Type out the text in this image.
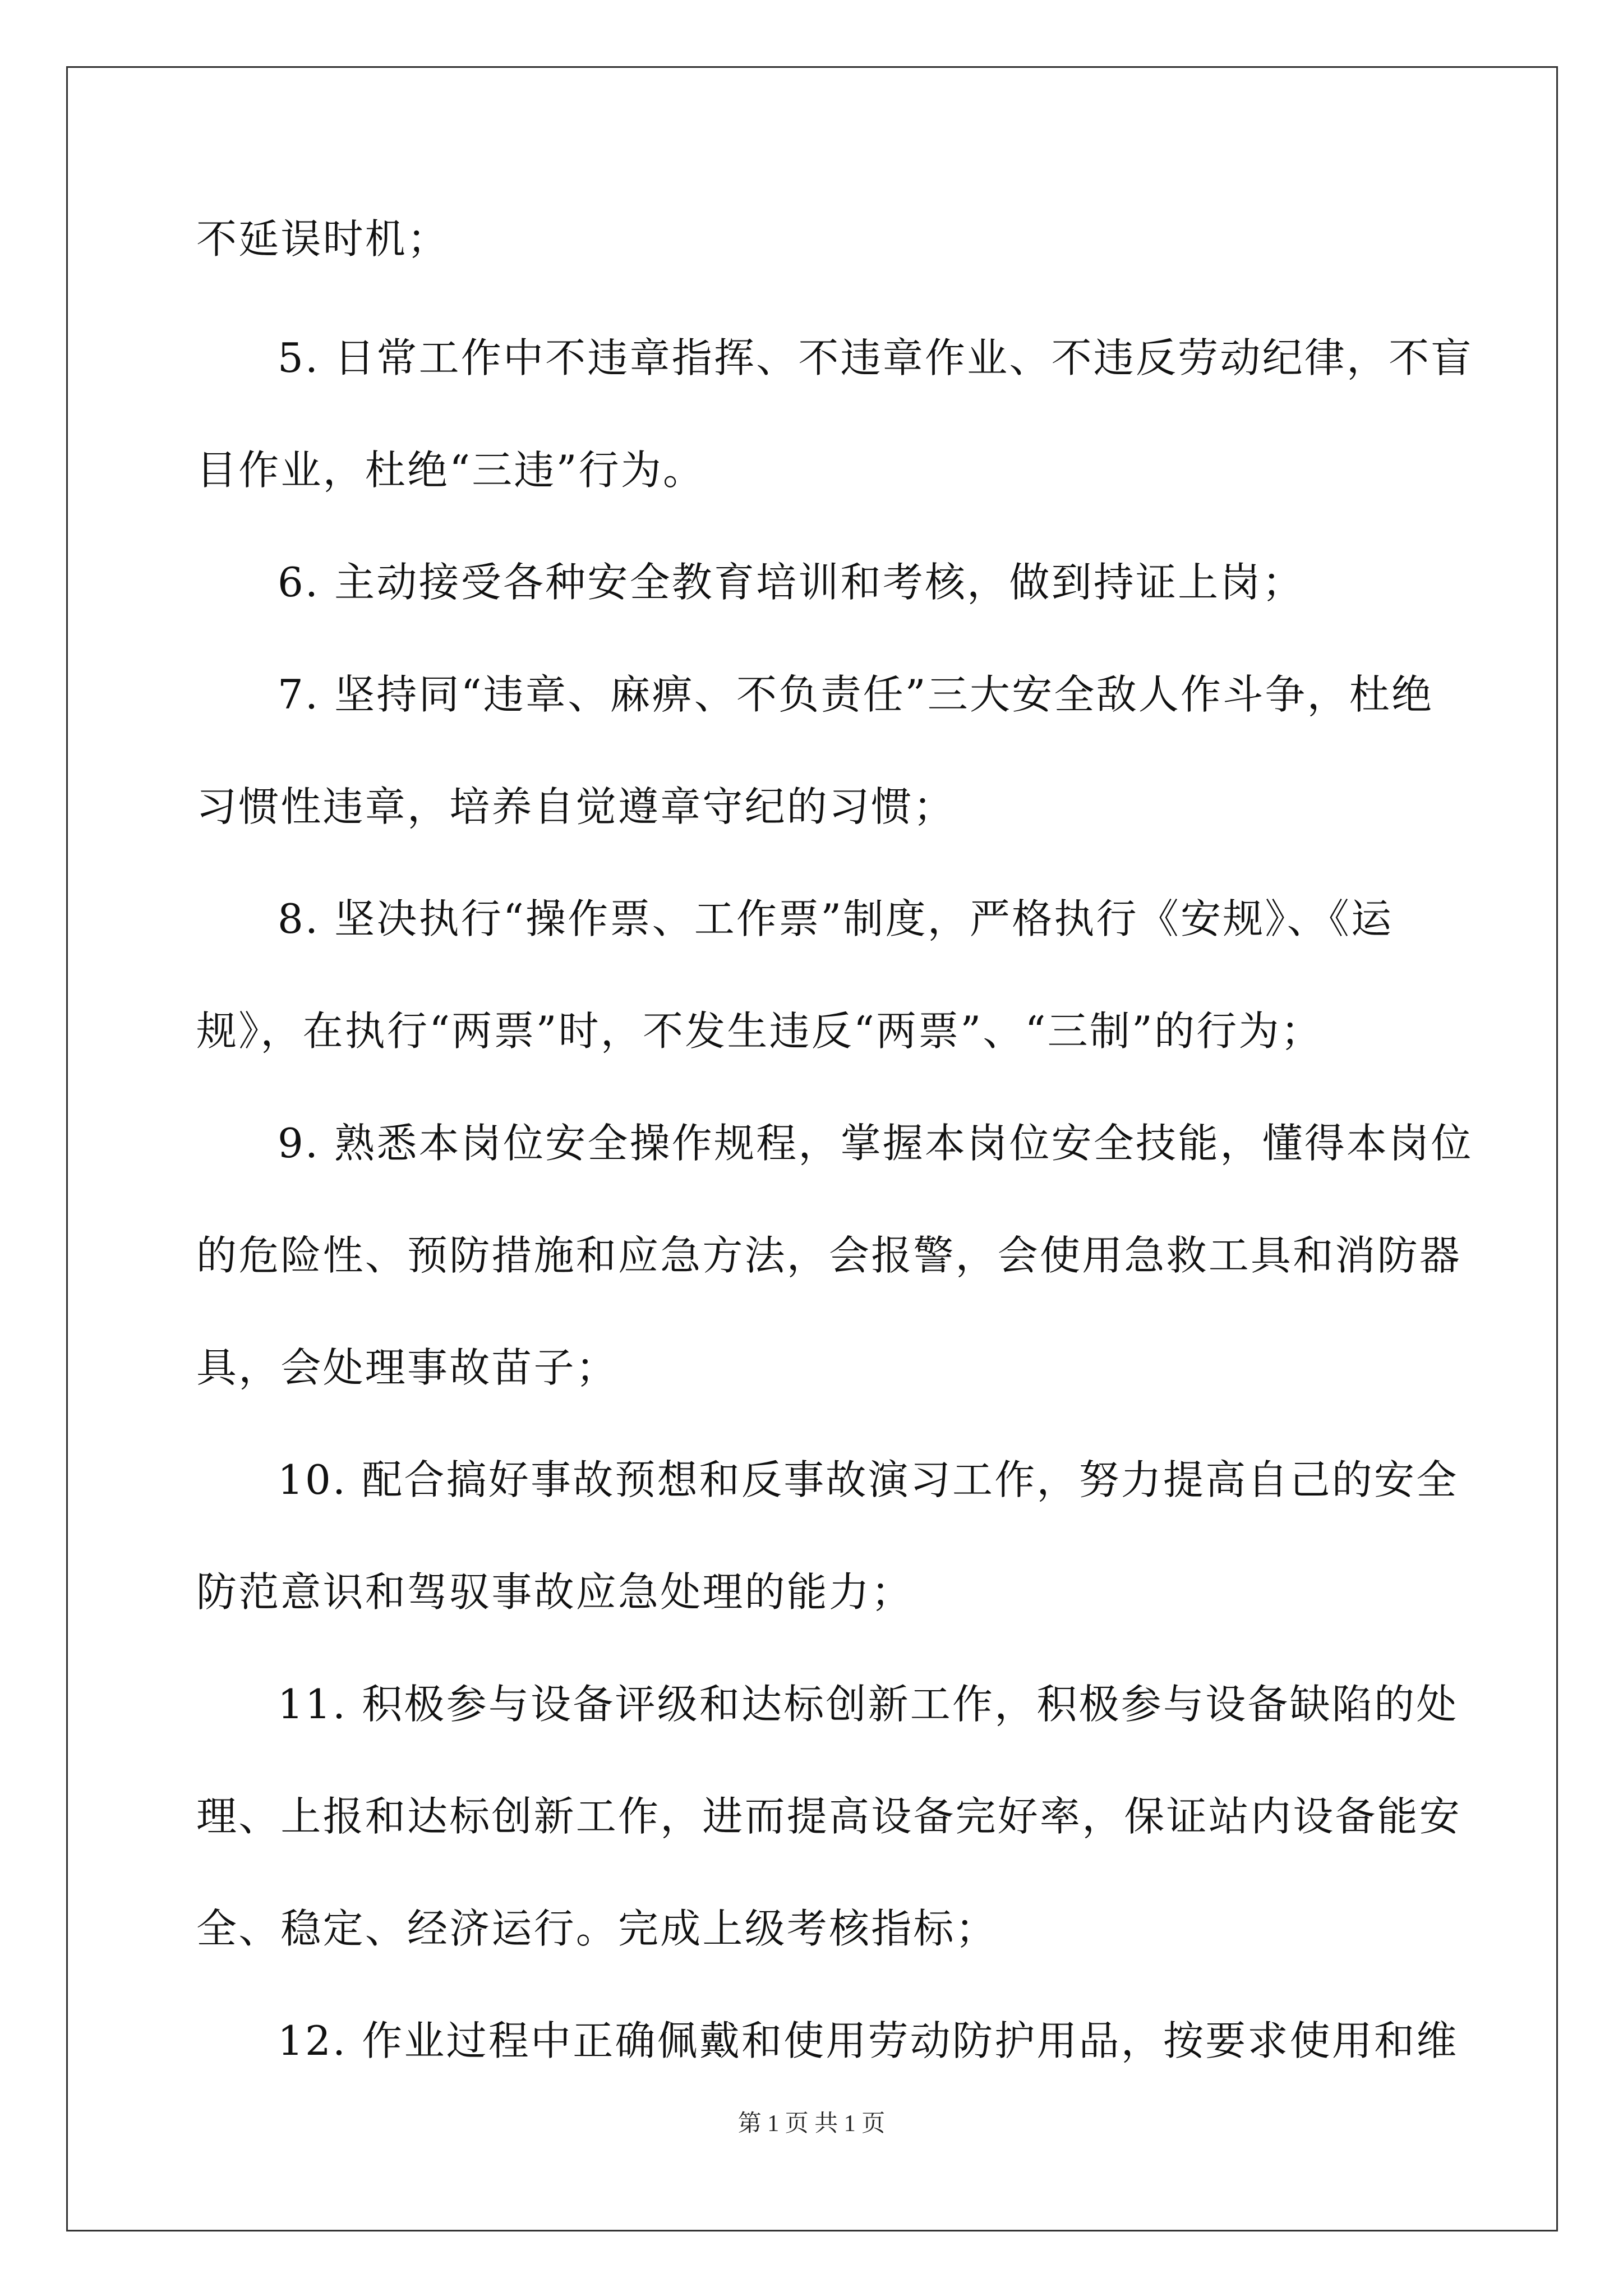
不延误时机；
5. 日常工作中不违章指挥、不违章作业、不违反劳动纪律，不盲
目作业，杜绝“三违”行为。
6. 主动接受各种安全教育培训和考核，做到持证上岗；
7. 坚持同“违章、麻痹、不负责任”三大安全敌人作斗争，杜绝
习惯性违章，培养自觉遵章守纪的习惯；
8. 坚决执行“操作票、工作票”制度，严格执行《安规》、《运
规》，在执行“两票”时，不发生违反“两票”、“三制”的行为；
9. 熟悉本岗位安全操作规程，掌握本岗位安全技能，懂得本岗位
的危险性、预防措施和应急方法，会报警，会使用急救工具和消防器
具，会处理事故苗子；
10. 配合搞好事故预想和反事故演习工作，努力提高自己的安全
防范意识和驾驭事故应急处理的能力；
11. 积极参与设备评级和达标创新工作，积极参与设备缺陷的处
理、上报和达标创新工作，进而提高设备完好率，保证站内设备能安
全、稳定、经济运行。完成上级考核指标；
12. 作业过程中正确佩戴和使用劳动防护用品，按要求使用和维
第 1 页 共 1 页
